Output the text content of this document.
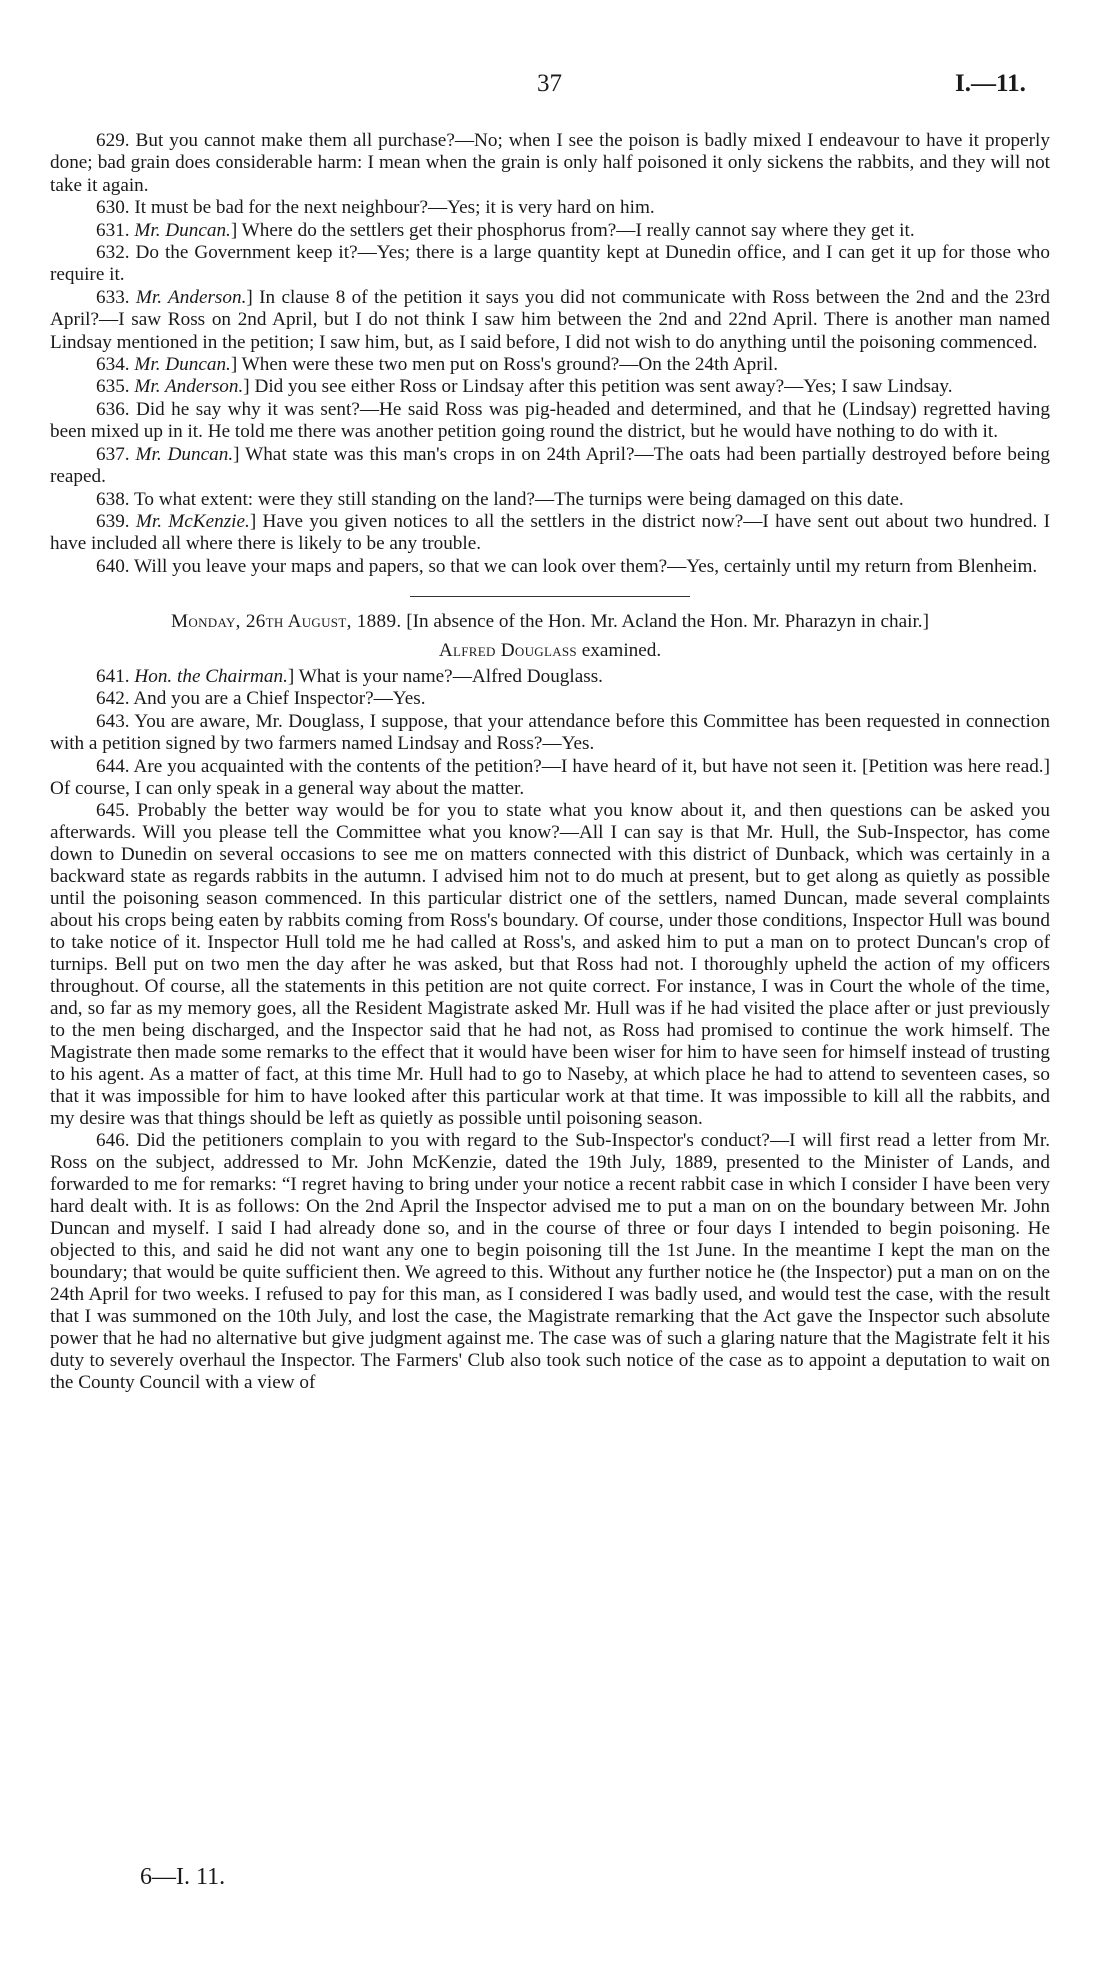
37	I.—11.

629. But you cannot make them all purchase?—No; when I see the poison is badly mixed I endeavour to have it properly done; bad grain does considerable harm: I mean when the grain is only half poisoned it only sickens the rabbits, and they will not take it again.

630. It must be bad for the next neighbour?—Yes; it is very hard on him.

631. Mr. Duncan.] Where do the settlers get their phosphorus from?—I really cannot say where they get it.

632. Do the Government keep it?—Yes; there is a large quantity kept at Dunedin office, and I can get it up for those who require it.

633. Mr. Anderson.] In clause 8 of the petition it says you did not communicate with Ross between the 2nd and the 23rd April?—I saw Ross on 2nd April, but I do not think I saw him between the 2nd and 22nd April. There is another man named Lindsay mentioned in the petition; I saw him, but, as I said before, I did not wish to do anything until the poisoning commenced.

634. Mr. Duncan.] When were these two men put on Ross's ground?—On the 24th April.

635. Mr. Anderson.] Did you see either Ross or Lindsay after this petition was sent away?—Yes; I saw Lindsay.

636. Did he say why it was sent?—He said Ross was pig-headed and determined, and that he (Lindsay) regretted having been mixed up in it. He told me there was another petition going round the district, but he would have nothing to do with it.

637. Mr. Duncan.] What state was this man's crops in on 24th April?—The oats had been partially destroyed before being reaped.

638. To what extent: were they still standing on the land?—The turnips were being damaged on this date.

639. Mr. McKenzie.] Have you given notices to all the settlers in the district now?—I have sent out about two hundred. I have included all where there is likely to be any trouble.

640. Will you leave your maps and papers, so that we can look over them?—Yes, certainly until my return from Blenheim.

Monday, 26th August, 1889. [In absence of the Hon. Mr. Acland the Hon. Mr. Pharazyn in chair.]

Alfred Douglass examined.

641. Hon. the Chairman.] What is your name?—Alfred Douglass.

642. And you are a Chief Inspector?—Yes.

643. You are aware, Mr. Douglass, I suppose, that your attendance before this Committee has been requested in connection with a petition signed by two farmers named Lindsay and Ross?—Yes.

644. Are you acquainted with the contents of the petition?—I have heard of it, but have not seen it. [Petition was here read.] Of course, I can only speak in a general way about the matter.

645. Probably the better way would be for you to state what you know about it, and then questions can be asked you afterwards. Will you please tell the Committee what you know?—All I can say is that Mr. Hull, the Sub-Inspector, has come down to Dunedin on several occasions to see me on matters connected with this district of Dunback, which was certainly in a backward state as regards rabbits in the autumn. I advised him not to do much at present, but to get along as quietly as possible until the poisoning season commenced. In this particular district one of the settlers, named Duncan, made several complaints about his crops being eaten by rabbits coming from Ross's boundary. Of course, under those conditions, Inspector Hull was bound to take notice of it. Inspector Hull told me he had called at Ross's, and asked him to put a man on to protect Duncan's crop of turnips. Bell put on two men the day after he was asked, but that Ross had not. I thoroughly upheld the action of my officers throughout. Of course, all the statements in this petition are not quite correct. For instance, I was in Court the whole of the time, and, so far as my memory goes, all the Resident Magistrate asked Mr. Hull was if he had visited the place after or just previously to the men being discharged, and the Inspector said that he had not, as Ross had promised to continue the work himself. The Magistrate then made some remarks to the effect that it would have been wiser for him to have seen for himself instead of trusting to his agent. As a matter of fact, at this time Mr. Hull had to go to Naseby, at which place he had to attend to seventeen cases, so that it was impossible for him to have looked after this particular work at that time. It was impossible to kill all the rabbits, and my desire was that things should be left as quietly as possible until poisoning season.

646. Did the petitioners complain to you with regard to the Sub-Inspector's conduct?—I will first read a letter from Mr. Ross on the subject, addressed to Mr. John McKenzie, dated the 19th July, 1889, presented to the Minister of Lands, and forwarded to me for remarks: “I regret having to bring under your notice a recent rabbit case in which I consider I have been very hard dealt with. It is as follows: On the 2nd April the Inspector advised me to put a man on on the boundary between Mr. John Duncan and myself. I said I had already done so, and in the course of three or four days I intended to begin poisoning. He objected to this, and said he did not want any one to begin poisoning till the 1st June. In the meantime I kept the man on the boundary; that would be quite sufficient then. We agreed to this. Without any further notice he (the Inspector) put a man on on the 24th April for two weeks. I refused to pay for this man, as I considered I was badly used, and would test the case, with the result that I was summoned on the 10th July, and lost the case, the Magistrate remarking that the Act gave the Inspector such absolute power that he had no alternative but give judgment against me. The case was of such a glaring nature that the Magistrate felt it his duty to severely overhaul the Inspector. The Farmers' Club also took such notice of the case as to appoint a deputation to wait on the County Council with a view of

6—I. 11.
